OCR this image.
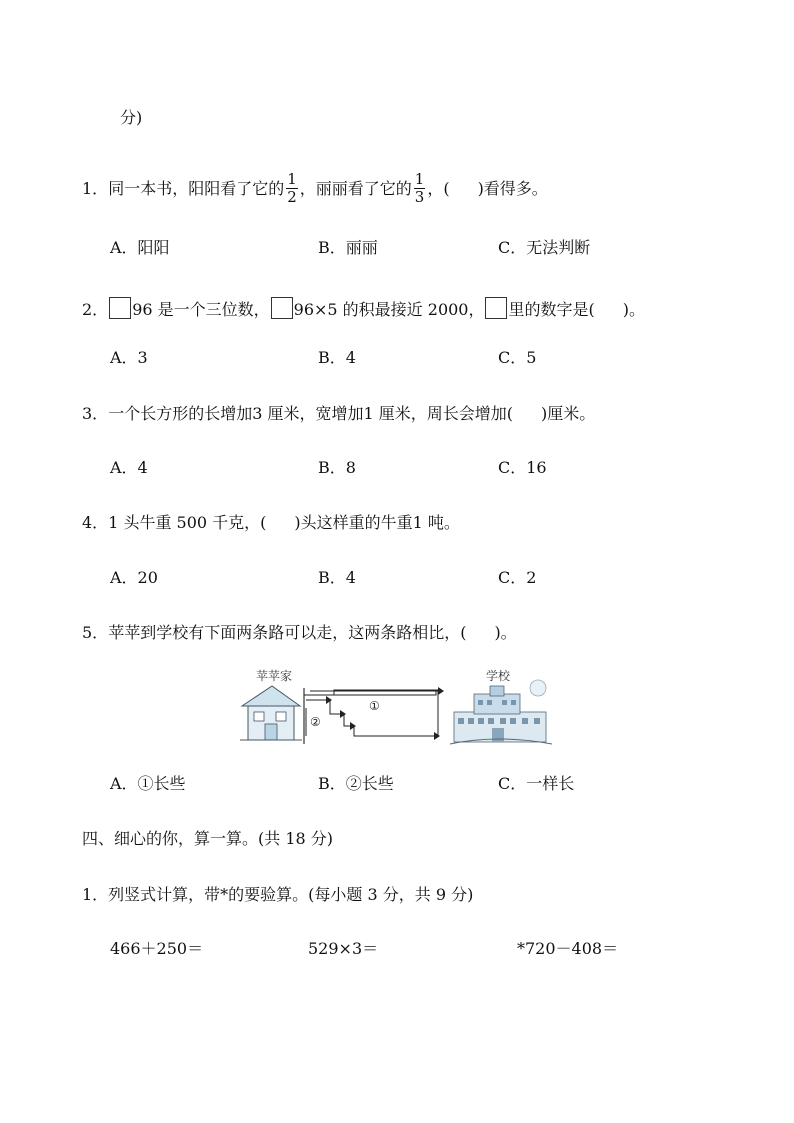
分)
1．同一本书，阳阳看了它的 $\frac{1}{2}$ ，丽丽看了它的 $\frac{1}{3}$ ，( )看得多。
A．阳阳	B．丽丽	C．无法判断
2． 96 是一个三位数， 96×5 的积最接近 2000， 里的数字是( )。
A．3	B．4	C．5
3．一个长方形的长增加3 厘米，宽增加1 厘米，周长会增加( )厘米。
A．4	B．8	C．16
4．1 头牛重 500 千克，( )头这样重的牛重1 吨。
A．20	B．4	C．2
5．苹苹到学校有下面两条路可以走，这两条路相比，( )。
苹苹家
①
②
学校
A．①长些	B．②长些	C．一样长
四、细心的你，算一算。(共 18 分)
1．列竖式计算，带*的要验算。(每小题 3 分，共 9 分)
466＋250＝	529×3＝	*720－408＝
